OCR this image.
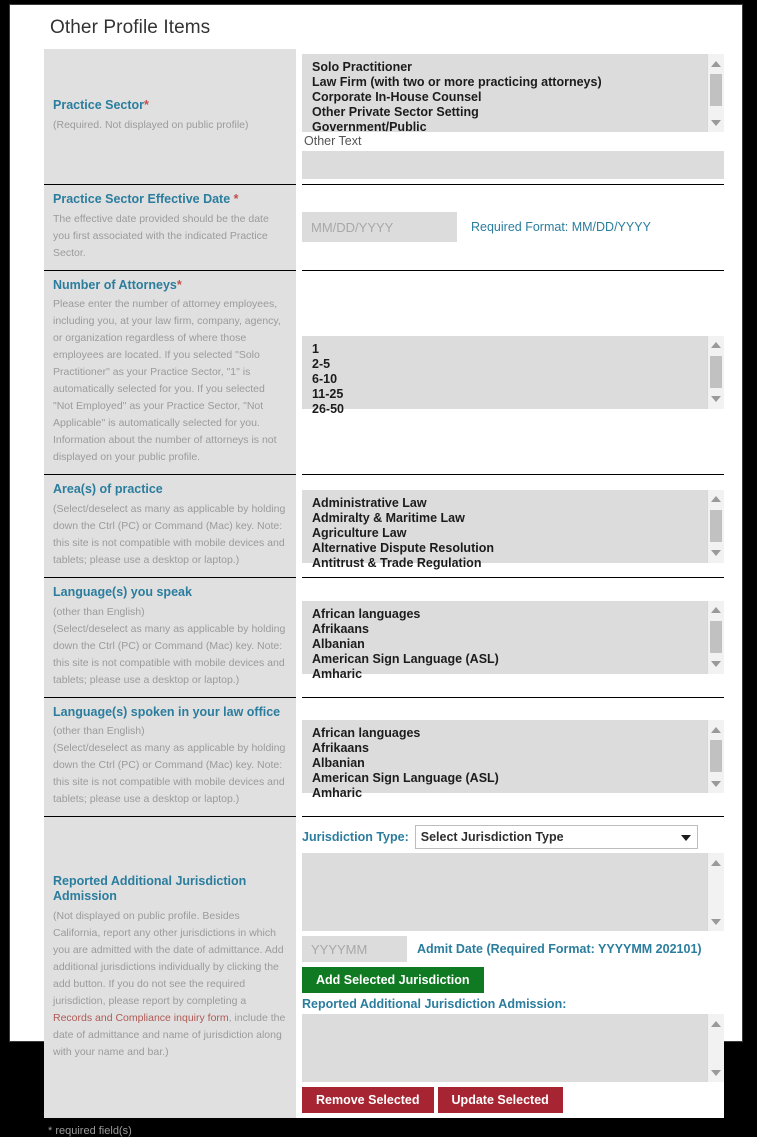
Other Profile Items
Practice Sector*
(Required. Not displayed on public profile)

Solo Practitioner
Law Firm (with two or more practicing attorneys)
Corporate In-House Counsel
Other Private Sector Setting
Government/Public
Other Text

Practice Sector Effective Date *
The effective date provided should be the date you first associated with the indicated Practice Sector.

MM/DD/YYYY
Required Format: MM/DD/YYYY

Number of Attorneys*
Please enter the number of attorney employees, including you, at your law firm, company, agency, or organization regardless of where those employees are located. If you selected "Solo Practitioner" as your Practice Sector, "1" is automatically selected for you. If you selected "Not Employed" as your Practice Sector, "Not Applicable" is automatically selected for you. Information about the number of attorneys is not displayed on your public profile.

1
2-5
6-10
11-25
26-50

Area(s) of practice
(Select/deselect as many as applicable by holding down the Ctrl (PC) or Command (Mac) key. Note: this site is not compatible with mobile devices and tablets; please use a desktop or laptop.)

Administrative Law
Admiralty & Maritime Law
Agriculture Law
Alternative Dispute Resolution
Antitrust & Trade Regulation

Language(s) you speak
(other than English)
(Select/deselect as many as applicable by holding down the Ctrl (PC) or Command (Mac) key. Note: this site is not compatible with mobile devices and tablets; please use a desktop or laptop.)

African languages
Afrikaans
Albanian
American Sign Language (ASL)
Amharic

Language(s) spoken in your law office
(other than English)
(Select/deselect as many as applicable by holding down the Ctrl (PC) or Command (Mac) key. Note: this site is not compatible with mobile devices and tablets; please use a desktop or laptop.)

African languages
Afrikaans
Albanian
American Sign Language (ASL)
Amharic

Reported Additional Jurisdiction Admission
(Not displayed on public profile. Besides California, report any other jurisdictions in which you are admitted with the date of admittance. Add additional jurisdictions individually by clicking the add button. If you do not see the required jurisdiction, please report by completing a Records and Compliance inquiry form, include the date of admittance and name of jurisdiction along with your name and bar.)

Jurisdiction Type: Select Jurisdiction Type
YYYYMM
Admit Date (Required Format: YYYYMM 202101)
Add Selected Jurisdiction
Reported Additional Jurisdiction Admission:
Remove Selected	Update Selected
* required field(s)
